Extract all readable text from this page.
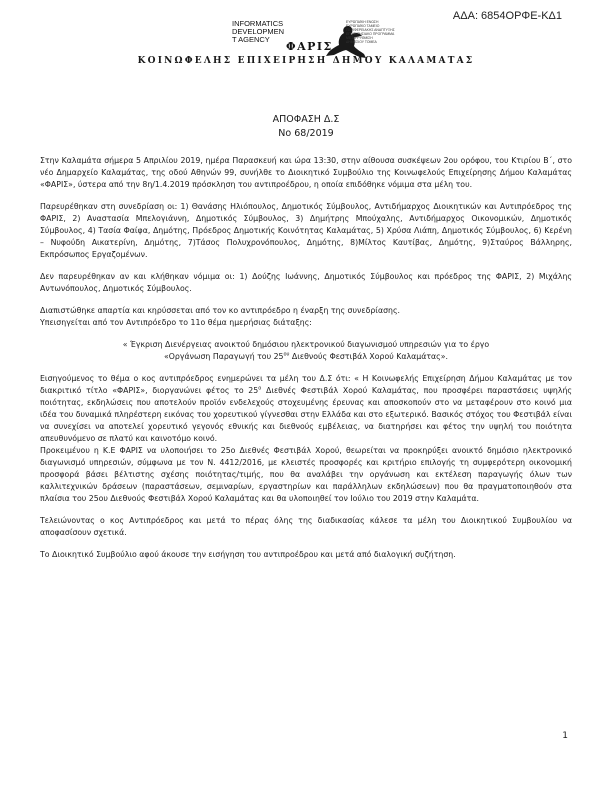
ΑΔΑ: 6854ΟΡΦΕ-ΚΔ1
INFORMATICS
DEVELOPMEN
T AGENCY
ΕΥΡΩΠΑΪΚΗ ΕΝΩΣΗ
ΕΥΡΩΠΑΪΚΟ ΤΑΜΕΙΟ
ΠΕΡΙΦΕΡΕΙΑΚΗΣ ΑΝΑΠΤΥΞΗΣ
ΕΠΙΧΕΙΡΗΣΙΑΚΟ ΠΡΟΓΡΑΜΜΑ
ΜΕΤΑΡΡΥΘΜΙΣΗ
ΔΗΜΟΣΙΟΥ ΤΟΜΕΑ
ΦΑΡΙΣ
ΚΟΙΝΩΦΕΛΗΣ ΕΠΙΧΕΙΡΗΣΗ ΔΗΜΟΥ ΚΑΛΑΜΑΤΑΣ
ΑΠΟΦΑΣΗ Δ.Σ
Νο 68/2019

Στην Καλαμάτα σήμερα 5 Απριλίου 2019, ημέρα Παρασκευή και ώρα 13:30, στην αίθουσα συσκέψεων 2ου ορόφου, του Κτιρίου Β΄, στο νέο Δημαρχείο Καλαμάτας, της οδού Αθηνών 99, συνήλθε το Διοικητικό Συμβούλιο της Κοινωφελούς Επιχείρησης Δήμου Καλαμάτας «ΦΑΡΙΣ», ύστερα από την 8η/1.4.2019 πρόσκληση του αντιπροέδρου, η οποία επιδόθηκε νόμιμα στα μέλη του.

Παρευρέθηκαν στη συνεδρίαση οι: 1) Θανάσης Ηλιόπουλος, Δημοτικός Σύμβουλος, Αντιδήμαρχος Διοικητικών και Αντιπρόεδρος της ΦΑΡΙΣ, 2) Αναστασία Μπελογιάννη, Δημοτικός Σύμβουλος, 3) Δημήτρης Μπούχαλης, Αντιδήμαρχος Οικονομικών, Δημοτικός Σύμβουλος, 4) Τασία Φαίφα, Δημότης, Πρόεδρος Δημοτικής Κοινότητας Καλαμάτας, 5) Χρύσα Λιάπη, Δημοτικός Σύμβουλος, 6) Κερένη – Νυφούδη Αικατερίνη, Δημότης, 7)Τάσος Πολυχρονόπουλος, Δημότης, 8)Μίλτος Καυτίβας, Δημότης, 9)Σταύρος Βάλληρης, Εκπρόσωπος Εργαζομένων.

Δεν παρευρέθηκαν αν και κλήθηκαν νόμιμα οι: 1) Δούζης Ιωάννης, Δημοτικός Σύμβουλος και πρόεδρος της ΦΑΡΙΣ, 2) Μιχάλης Αντωνόπουλος, Δημοτικός Σύμβουλος.

Διαπιστώθηκε απαρτία και κηρύσσεται από τον κο αντιπρόεδρο η έναρξη της συνεδρίασης.

Υπεισηγείται από τον Αντιπρόεδρο το 11ο θέμα ημερήσιας διάταξης:

« Έγκριση Διενέργειας ανοικτού δημόσιου ηλεκτρονικού διαγωνισμού υπηρεσιών για το έργο

«Οργάνωση Παραγωγή του $25^{o\upsilon}$ Διεθνούς Φεστιβάλ Χορού Καλαμάτας».

Εισηγούμενος το θέμα ο κος αντιπρόεδρος ενημερώνει τα μέλη του Δ.Σ ότι: « Η Κοινωφελής Επιχείρηση Δήμου Καλαμάτας με τον διακριτικό τίτλο «ΦΑΡΙΣ», διοργανώνει φέτος το $25^o$ Διεθνές Φεστιβάλ Χορού Καλαμάτας, που προσφέρει παραστάσεις υψηλής ποιότητας, εκδηλώσεις που αποτελούν προϊόν ενδελεχούς στοχευμένης έρευνας και αποσκοπούν στο να μεταφέρουν στο κοινό μια ιδέα του δυναμικά πληρέστερη εικόνας του χορευτικού γίγνεσθαι στην Ελλάδα και στο εξωτερικό. Βασικός στόχος του Φεστιβάλ είναι να συνεχίσει να αποτελεί χορευτικό γεγονός εθνικής και διεθνούς εμβέλειας, να διατηρήσει και φέτος την υψηλή του ποιότητα απευθυνόμενο σε πλατύ και καινοτόμο κοινό.

Προκειμένου η Κ.Ε ΦΑΡΙΣ να υλοποιήσει το 25ο Διεθνές Φεστιβάλ Χορού, θεωρείται να προκηρύξει ανοικτό δημόσιο ηλεκτρονικό διαγωνισμό υπηρεσιών, σύμφωνα με τον Ν. 4412/2016, με κλειστές προσφορές και κριτήριο επιλογής τη συμφερότερη οικονομική προσφορά βάσει βέλτιστης σχέσης ποιότητας/τιμής, που θα αναλάβει την οργάνωση και εκτέλεση παραγωγής όλων των καλλιτεχνικών δράσεων (παραστάσεων, σεμιναρίων, εργαστηρίων και παράλληλων εκδηλώσεων) που θα πραγματοποιηθούν στα πλαίσια του 25ου Διεθνούς Φεστιβάλ Χορού Καλαμάτας και θα υλοποιηθεί τον Ιούλιο του 2019 στην Καλαμάτα.

Τελειώνοντας ο κος Αντιπρόεδρος και μετά το πέρας όλης της διαδικασίας κάλεσε τα μέλη του Διοικητικού Συμβουλίου να αποφασίσουν σχετικά.

Το Διοικητικό Συμβούλιο αφού άκουσε την εισήγηση του αντιπροέδρου και μετά από διαλογική συζήτηση.

1
